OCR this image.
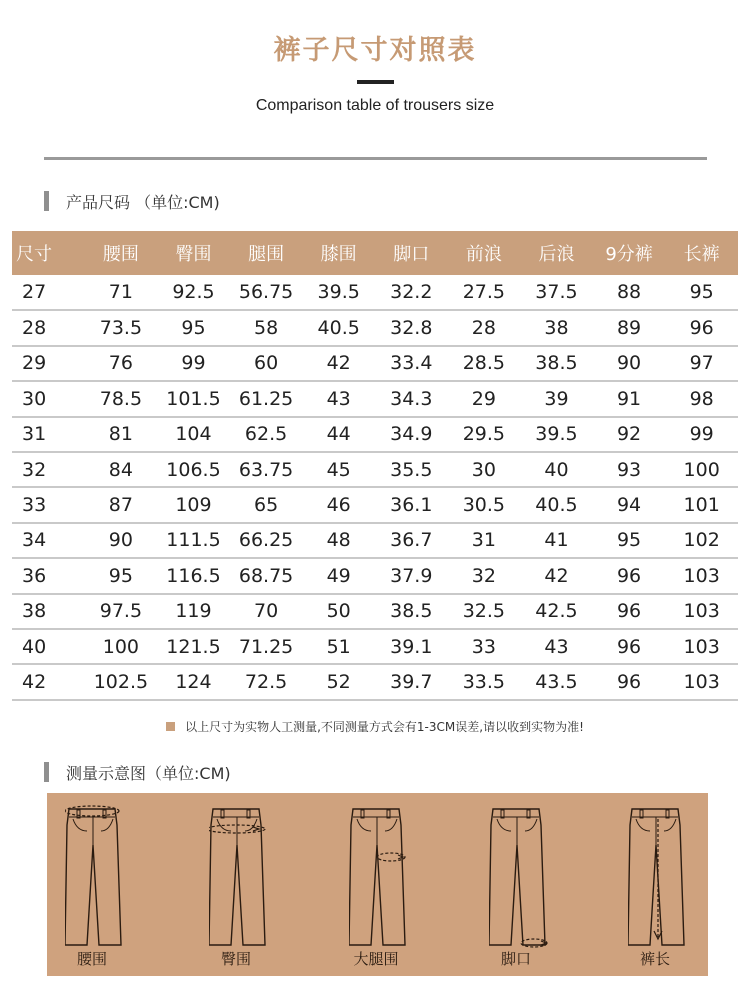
裤子尺寸对照表
Comparison table of trousers size
产品尺码 （单位:CM)
尺寸	腰围	臀围	腿围	膝围	脚口	前浪	后浪	9分裤	长裤
27	71	92.5	56.75	39.5	32.2	27.5	37.5	88	95
28	73.5	95	58	40.5	32.8	28	38	89	96
29	76	99	60	42	33.4	28.5	38.5	90	97
30	78.5	101.5	61.25	43	34.3	29	39	91	98
31	81	104	62.5	44	34.9	29.5	39.5	92	99
32	84	106.5	63.75	45	35.5	30	40	93	100
33	87	109	65	46	36.1	30.5	40.5	94	101
34	90	111.5	66.25	48	36.7	31	41	95	102
36	95	116.5	68.75	49	37.9	32	42	96	103
38	97.5	119	70	50	38.5	32.5	42.5	96	103
40	100	121.5	71.25	51	39.1	33	43	96	103
42	102.5	124	72.5	52	39.7	33.5	43.5	96	103
以上尺寸为实物人工测量,不同测量方式会有1-3CM误差,请以收到实物为准!
测量示意图（单位:CM)
腰围	臀围	大腿围	脚口	裤长
